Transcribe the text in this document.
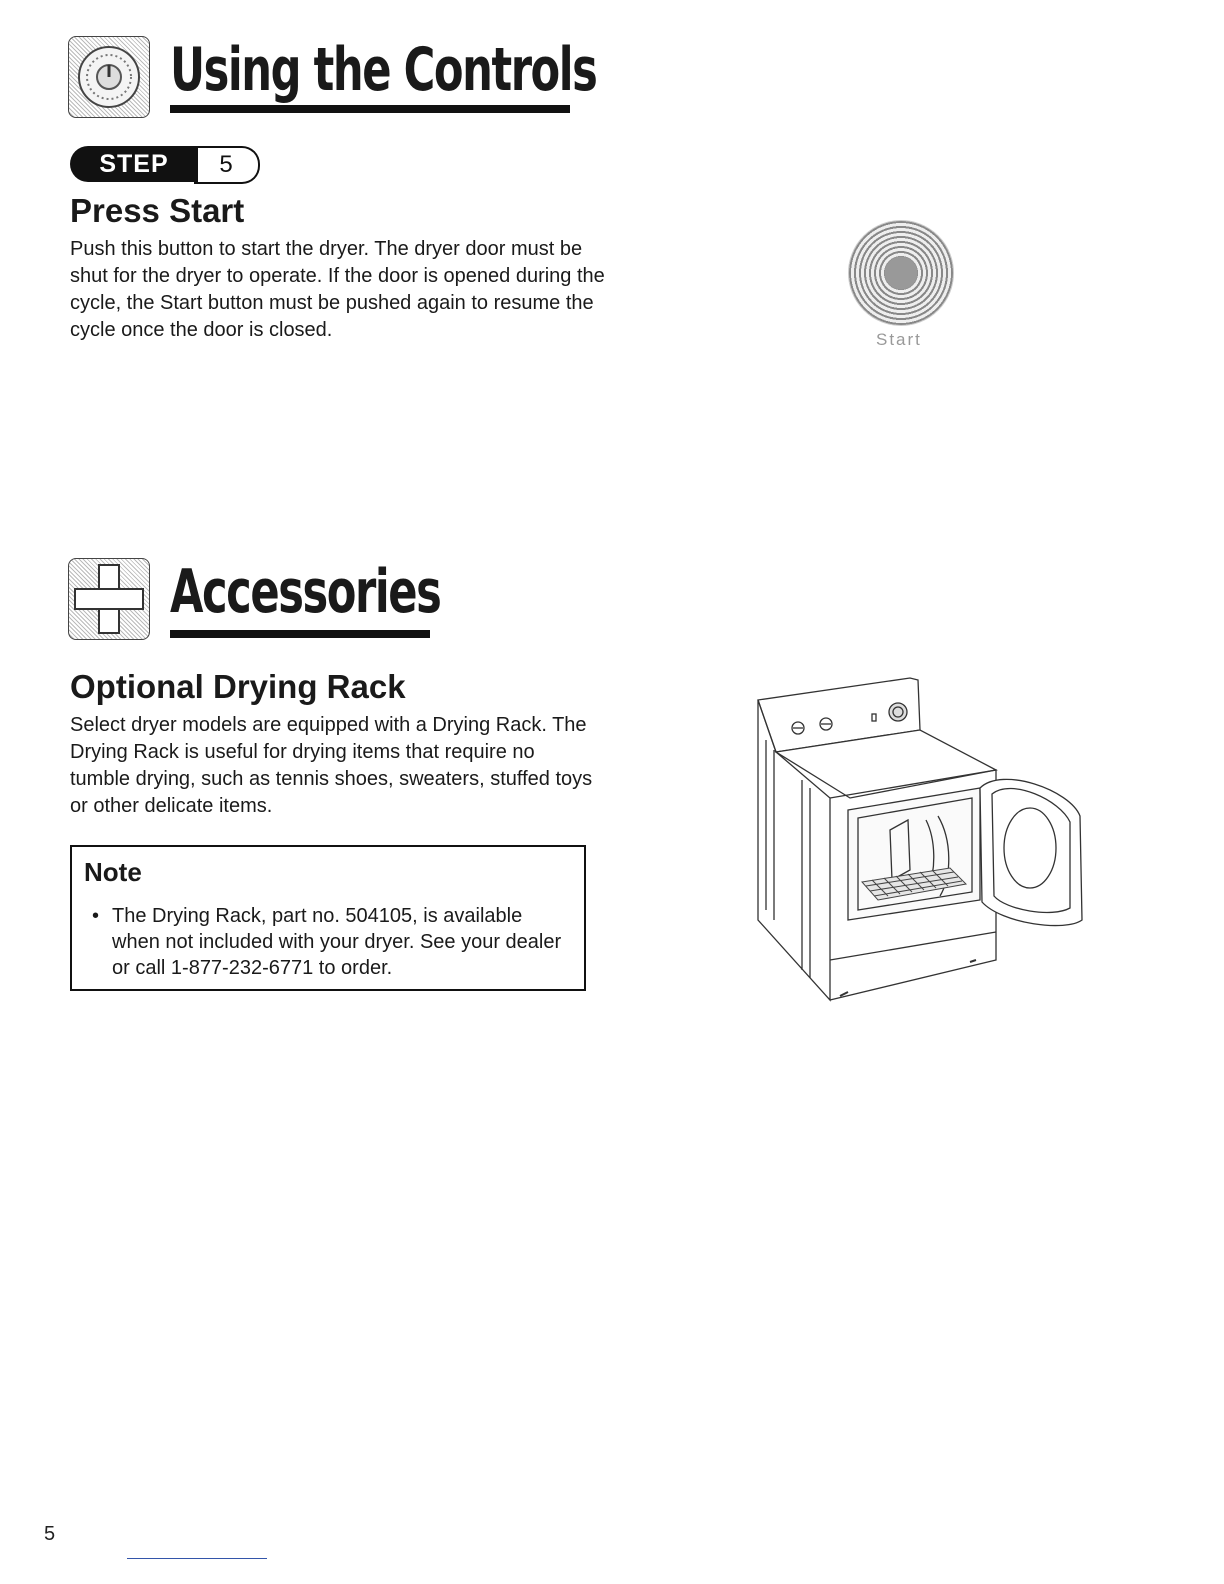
Using the Controls
STEP	5
Press Start

Push this button to start the dryer. The dryer door must be shut for the dryer to operate. If the door is opened during the cycle, the Start button must be pushed again to resume the cycle once the door is closed.	Start
Accessories
Optional Drying Rack

Select dryer models are equipped with a Drying Rack. The Drying Rack is useful for drying items that require no tumble drying, such as tennis shoes, sweaters, stuffed toys or other delicate items.

Note
• The Drying Rack, part no. 504105, is available when not included with your dryer. See your dealer or call 1-877-232-6771 to order.
5
